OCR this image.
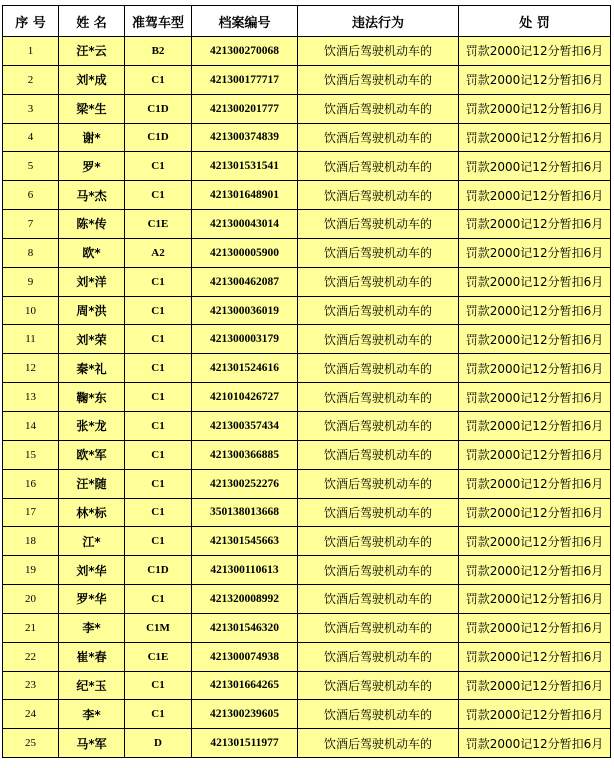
序 号	姓 名	准驾车型	档案编号	违法行为	处 罚
1	汪*云	B2	421300270068	饮酒后驾驶机动车的	罚款2000记12分暂扣6月
2	刘*成	C1	421300177717	饮酒后驾驶机动车的	罚款2000记12分暂扣6月
3	梁*生	C1D	421300201777	饮酒后驾驶机动车的	罚款2000记12分暂扣6月
4	谢*	C1D	421300374839	饮酒后驾驶机动车的	罚款2000记12分暂扣6月
5	罗*	C1	421301531541	饮酒后驾驶机动车的	罚款2000记12分暂扣6月
6	马*杰	C1	421301648901	饮酒后驾驶机动车的	罚款2000记12分暂扣6月
7	陈*传	C1E	421300043014	饮酒后驾驶机动车的	罚款2000记12分暂扣6月
8	欧*	A2	421300005900	饮酒后驾驶机动车的	罚款2000记12分暂扣6月
9	刘*洋	C1	421300462087	饮酒后驾驶机动车的	罚款2000记12分暂扣6月
10	周*洪	C1	421300036019	饮酒后驾驶机动车的	罚款2000记12分暂扣6月
11	刘*荣	C1	421300003179	饮酒后驾驶机动车的	罚款2000记12分暂扣6月
12	秦*礼	C1	421301524616	饮酒后驾驶机动车的	罚款2000记12分暂扣6月
13	鞠*东	C1	421010426727	饮酒后驾驶机动车的	罚款2000记12分暂扣6月
14	张*龙	C1	421300357434	饮酒后驾驶机动车的	罚款2000记12分暂扣6月
15	欧*军	C1	421300366885	饮酒后驾驶机动车的	罚款2000记12分暂扣6月
16	汪*随	C1	421300252276	饮酒后驾驶机动车的	罚款2000记12分暂扣6月
17	林*标	C1	350138013668	饮酒后驾驶机动车的	罚款2000记12分暂扣6月
18	江*	C1	421301545663	饮酒后驾驶机动车的	罚款2000记12分暂扣6月
19	刘*华	C1D	421300110613	饮酒后驾驶机动车的	罚款2000记12分暂扣6月
20	罗*华	C1	421320008992	饮酒后驾驶机动车的	罚款2000记12分暂扣6月
21	李*	C1M	421301546320	饮酒后驾驶机动车的	罚款2000记12分暂扣6月
22	崔*春	C1E	421300074938	饮酒后驾驶机动车的	罚款2000记12分暂扣6月
23	纪*玉	C1	421301664265	饮酒后驾驶机动车的	罚款2000记12分暂扣6月
24	李*	C1	421300239605	饮酒后驾驶机动车的	罚款2000记12分暂扣6月
25	马*军	D	421301511977	饮酒后驾驶机动车的	罚款2000记12分暂扣6月
